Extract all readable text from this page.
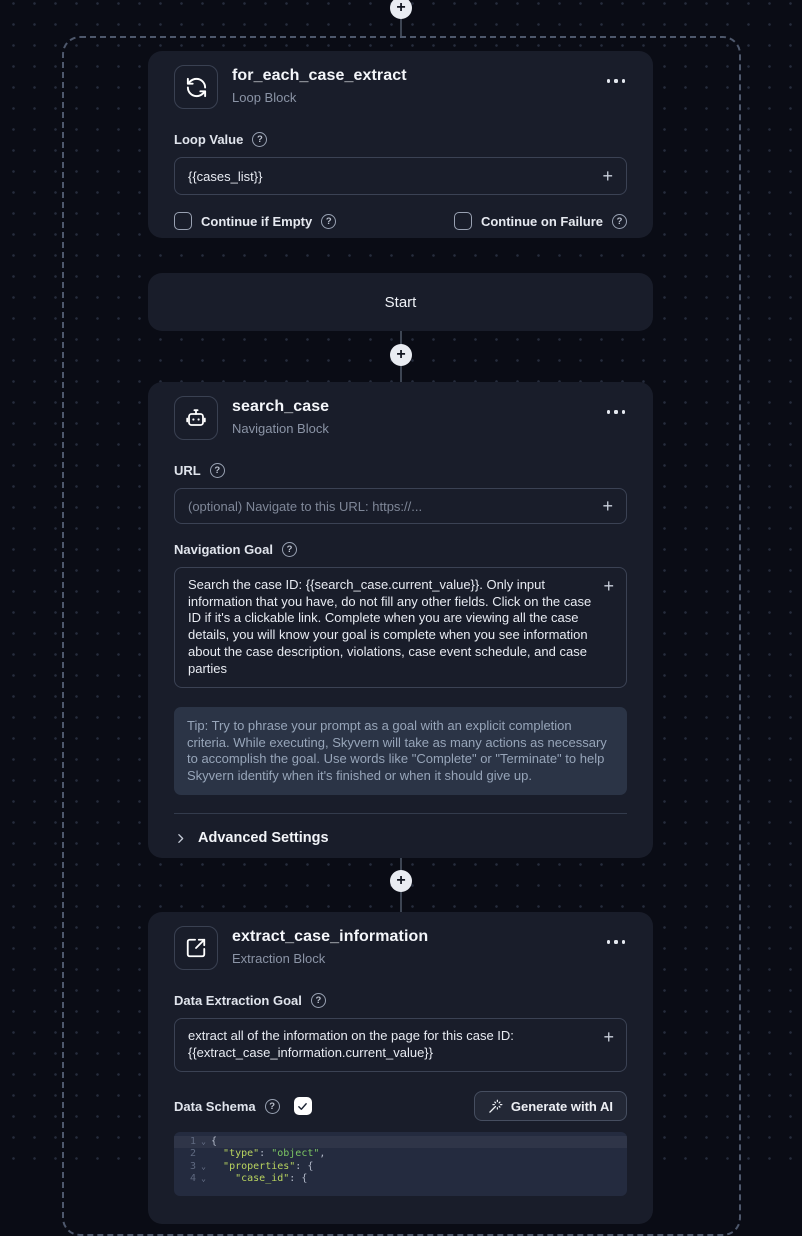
+
+
+
for_each_case_extract
Loop Block
Loop Value	?
{{cases_list}}
+
Continue if Empty	?	Continue on Failure	?
Start
search_case
Navigation Block
URL	?
(optional) Navigate to this URL: https://...
+
Navigation Goal	?
Search the case ID: {{search_case.current_value}}. Only input information that you have, do not fill any other fields. Click on the case ID if it's a clickable link. Complete when you are viewing all the case details, you will know your goal is complete when you see information about the case description, violations, case event schedule, and case parties
+
Tip: Try to phrase your prompt as a goal with an explicit completion criteria. While executing, Skyvern will take as many actions as necessary to accomplish the goal. Use words like "Complete" or "Terminate" to help Skyvern identify when it's finished or when it should give up.
Advanced Settings
extract_case_information
Extraction Block
Data Extraction Goal	?
extract all of the information on the page for this case ID: {{extract_case_information.current_value}}
+
Data Schema	?	Generate with AI
1 ⌄ {
2
	"type": "object",
3 ⌄	"properties": {
4 ⌄	"case_id": {
